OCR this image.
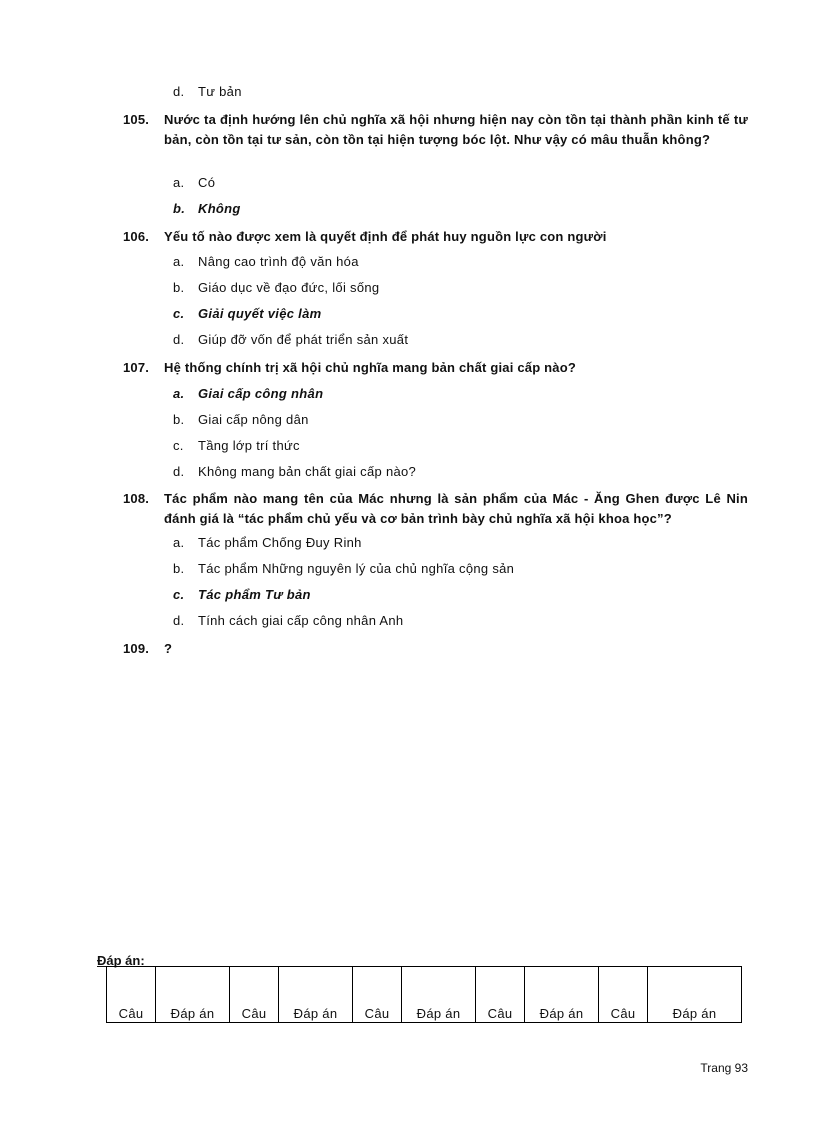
d. Tư bản
105.	Nước ta định hướng lên chủ nghĩa xã hội nhưng hiện nay còn tồn tại thành phần kinh tế tư bản, còn tồn tại tư sản, còn tồn tại hiện tượng bóc lột. Như vậy có mâu thuẫn không?
a. Có
b. Không
106.	Yếu tố nào được xem là quyết định để phát huy nguồn lực con người
a. Nâng cao trình độ văn hóa
b. Giáo dục về đạo đức, lối sống
c. Giải quyết việc làm
d. Giúp đỡ vốn để phát triển sản xuất
107.	Hệ thống chính trị xã hội chủ nghĩa mang bản chất giai cấp nào?
a. Giai cấp công nhân
b. Giai cấp nông dân
c. Tầng lớp trí thức
d. Không mang bản chất giai cấp nào?
108.	Tác phẩm nào mang tên của Mác nhưng là sản phẩm của Mác - Ăng Ghen được Lê Nin đánh giá là “tác phẩm chủ yếu và cơ bản trình bày chủ nghĩa xã hội khoa học”?
a. Tác phẩm Chống Đuy Rinh
b. Tác phẩm Những nguyên lý của chủ nghĩa cộng sản
c. Tác phẩm Tư bản
d. Tính cách giai cấp công nhân Anh
109.	?
Đáp án:
Câu	Đáp án	Câu	Đáp án	Câu	Đáp án	Câu	Đáp án	Câu	Đáp án
Trang 93
